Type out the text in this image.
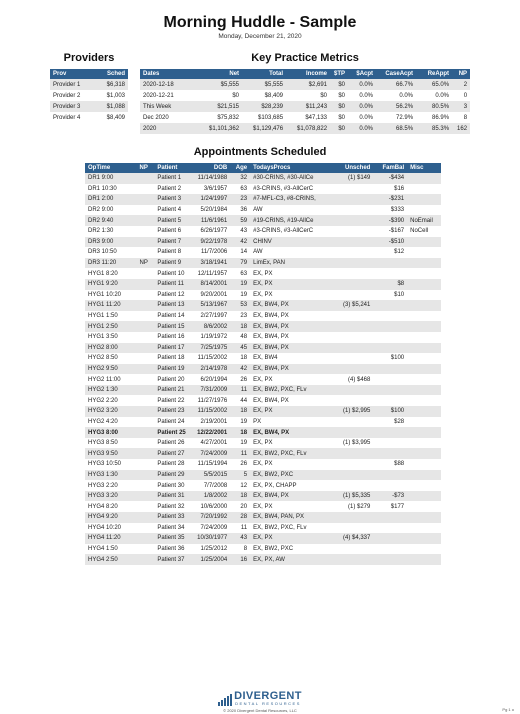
Morning Huddle - Sample
Monday, December 21, 2020
Providers
Prov	Sched
Provider 1	$6,318
Provider 2	$1,003
Provider 3	$1,088
Provider 4	$8,409
Key Practice Metrics
Dates	Net	Total	Income	$TP	$Acpt	CaseAcpt	ReAppt	NP
2020-12-18	$5,555	$5,555	$2,691	$0	0.0%	66.7%	65.0%	2
2020-12-21	$0	$8,409	$0	$0	0.0%	0.0%	0.0%	0
This Week	$21,515	$28,239	$11,243	$0	0.0%	56.2%	80.5%	3
Dec 2020	$75,832	$103,685	$47,133	$0	0.0%	72.9%	86.9%	8
2020	$1,101,362	$1,129,476	$1,078,822	$0	0.0%	68.5%	85.3%	162
Appointments Scheduled
OpTime	NP	Patient	DOB	Age	TodaysProcs	Unsched	FamBal	Misc
DR1 9:00		Patient 1	11/14/1988	32	#30-CRINS, #30-AllCe	(1) $149	-$434	
DR1 10:30		Patient 2	3/6/1957	63	#3-CRINS, #3-AllCerC		$16	
DR1 2:00		Patient 3	1/24/1997	23	#7-MFL-C3, #8-CRINS,		-$231	
DR2 9:00		Patient 4	5/20/1984	36	AW		$333	
DR2 9:40		Patient 5	11/6/1961	59	#19-CRINS, #19-AllCe		-$390	NoEmail
DR2 1:30		Patient 6	6/26/1977	43	#3-CRINS, #3-AllCerC		-$167	NoCell
DR3 9:00		Patient 7	9/22/1978	42	CHINV		-$510	
DR3 10:50		Patient 8	11/7/2006	14	AW		$12	
DR3 11:20	NP	Patient 9	3/18/1941	79	LimEx, PAN			
HYG1 8:20		Patient 10	12/11/1957	63	EX, PX			
HYG1 9:20		Patient 11	8/14/2001	19	EX, PX		$8	
HYG1 10:20		Patient 12	9/20/2001	19	EX, PX		$10	
HYG1 11:20		Patient 13	5/13/1967	53	EX, BW4, PX	(3) $5,241		
HYG1 1:50		Patient 14	2/27/1997	23	EX, BW4, PX			
HYG1 2:50		Patient 15	8/6/2002	18	EX, BW4, PX			
HYG1 3:50		Patient 16	1/19/1972	48	EX, BW4, PX			
HYG2 8:00		Patient 17	7/25/1975	45	EX, BW4, PX			
HYG2 8:50		Patient 18	11/15/2002	18	EX, BW4		$100	
HYG2 9:50		Patient 19	2/14/1978	42	EX, BW4, PX			
HYG2 11:00		Patient 20	6/20/1994	26	EX, PX	(4) $468		
HYG2 1:30		Patient 21	7/31/2009	11	EX, BW2, PXC, FLv			
HYG2 2:20		Patient 22	11/27/1976	44	EX, BW4, PX			
HYG2 3:20		Patient 23	11/15/2002	18	EX, PX	(1) $2,995	$100	
HYG2 4:20		Patient 24	2/19/2001	19	PX		$28	
HYG3 8:00		Patient 25	12/22/2001	18	EX, BW4, PX			
HYG3 8:50		Patient 26	4/27/2001	19	EX, PX	(1) $3,995		
HYG3 9:50		Patient 27	7/24/2009	11	EX, BW2, PXC, FLv			
HYG3 10:50		Patient 28	11/15/1994	26	EX, PX		$88	
HYG3 1:30		Patient 29	5/5/2015	5	EX, BW2, PXC			
HYG3 2:20		Patient 30	7/7/2008	12	EX, PX, CHAPP			
HYG3 3:20		Patient 31	1/8/2002	18	EX, BW4, PX	(1) $5,335	-$73	
HYG4 8:20		Patient 32	10/6/2000	20	EX, PX	(1) $279	$177	
HYG4 9:20		Patient 33	7/20/1992	28	EX, BW4, PAN, PX			
HYG4 10:20		Patient 34	7/24/2009	11	EX, BW2, PXC, FLv			
HYG4 11:20		Patient 35	10/30/1977	43	EX, PX	(4) $4,337		
HYG4 1:50		Patient 36	1/25/2012	8	EX, BW2, PXC			
HYG4 2:50		Patient 37	1/25/2004	16	EX, PX, AW			
DIVERGENT
DENTAL RESOURCES
© 2020 Divergent Dental Resources, LLC	Pg 1 o
